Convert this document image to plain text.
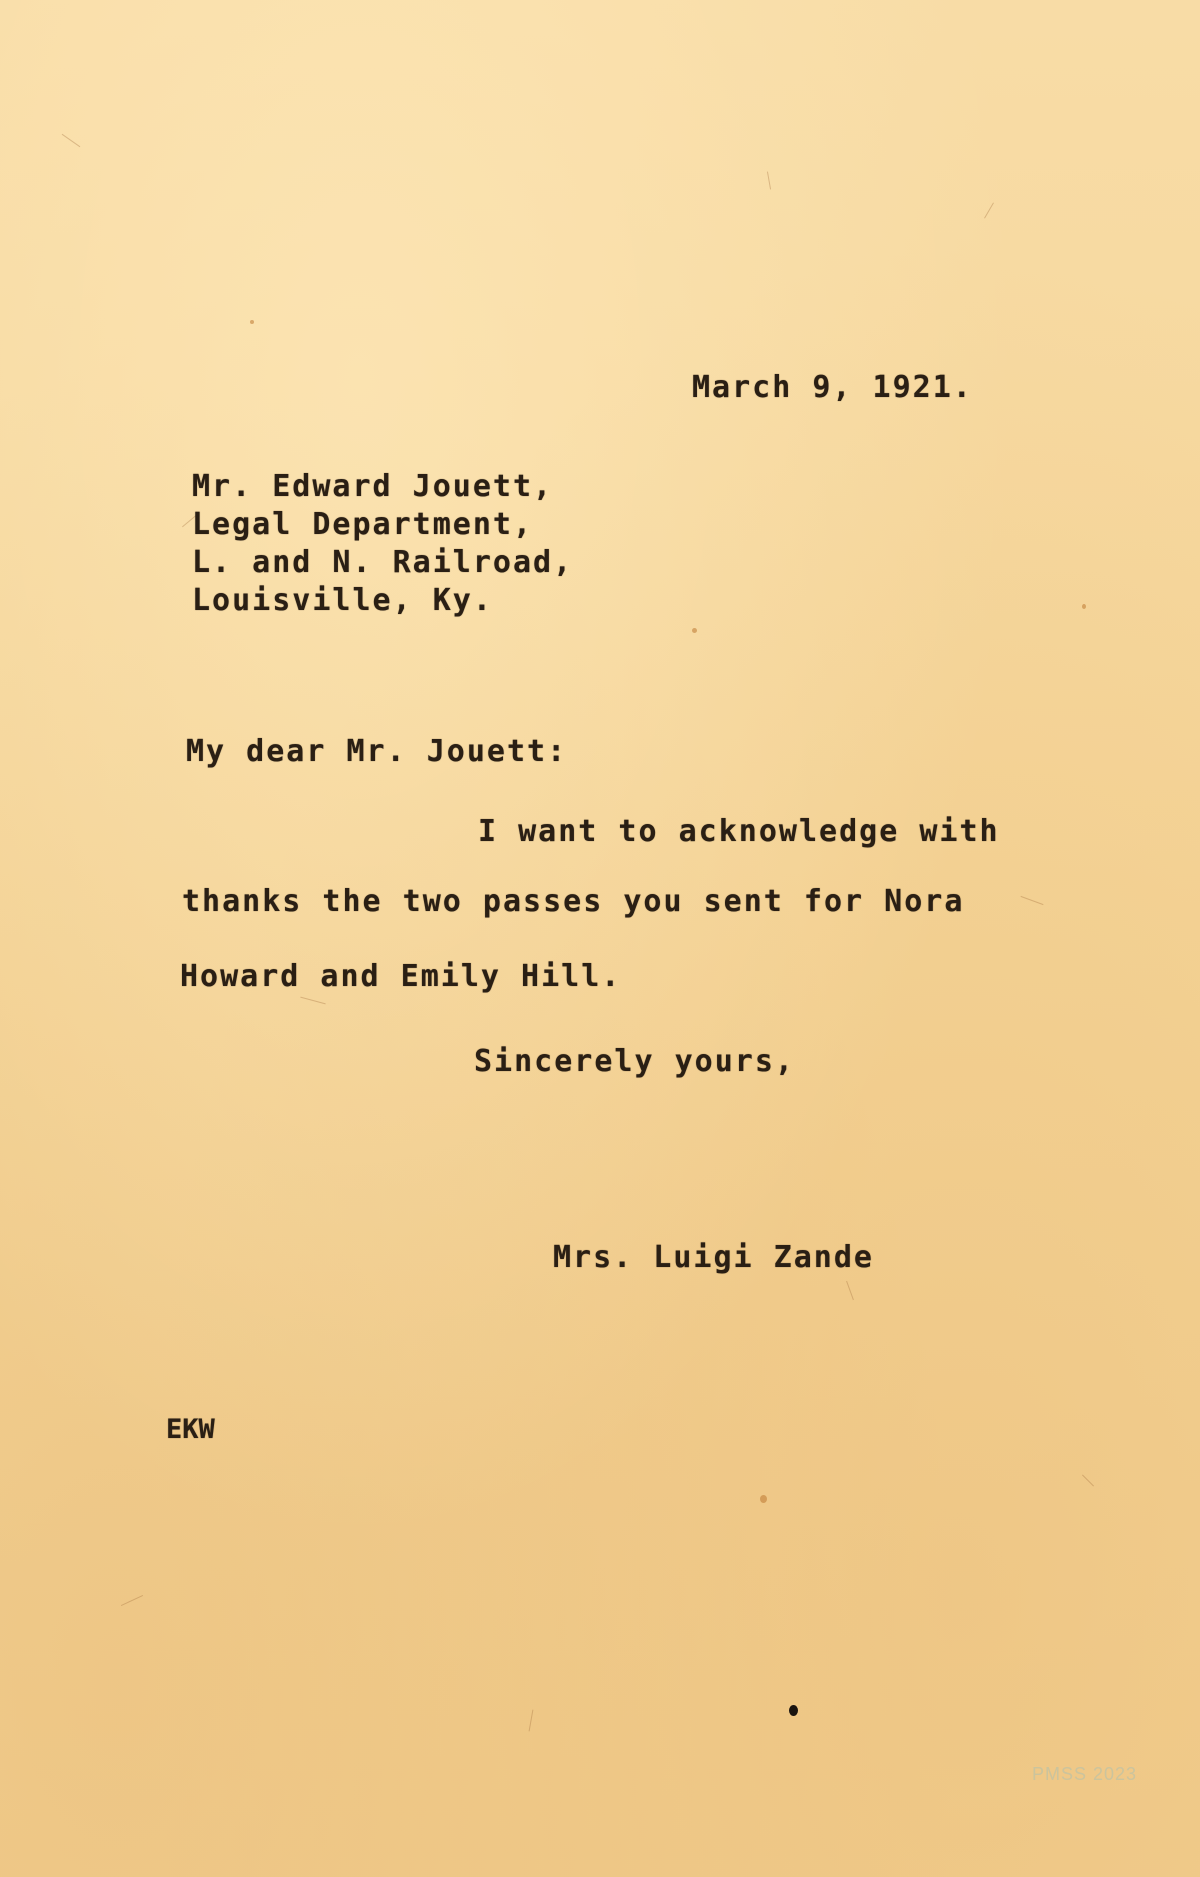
March 9, 1921.
Mr. Edward Jouett,
Legal Department,
L. and N. Railroad,
Louisville, Ky.
My dear Mr. Jouett:
I want to acknowledge with
thanks the two passes you sent for Nora
Howard and Emily Hill.
Sincerely yours,
Mrs. Luigi Zande
EKW
PMSS 2023
